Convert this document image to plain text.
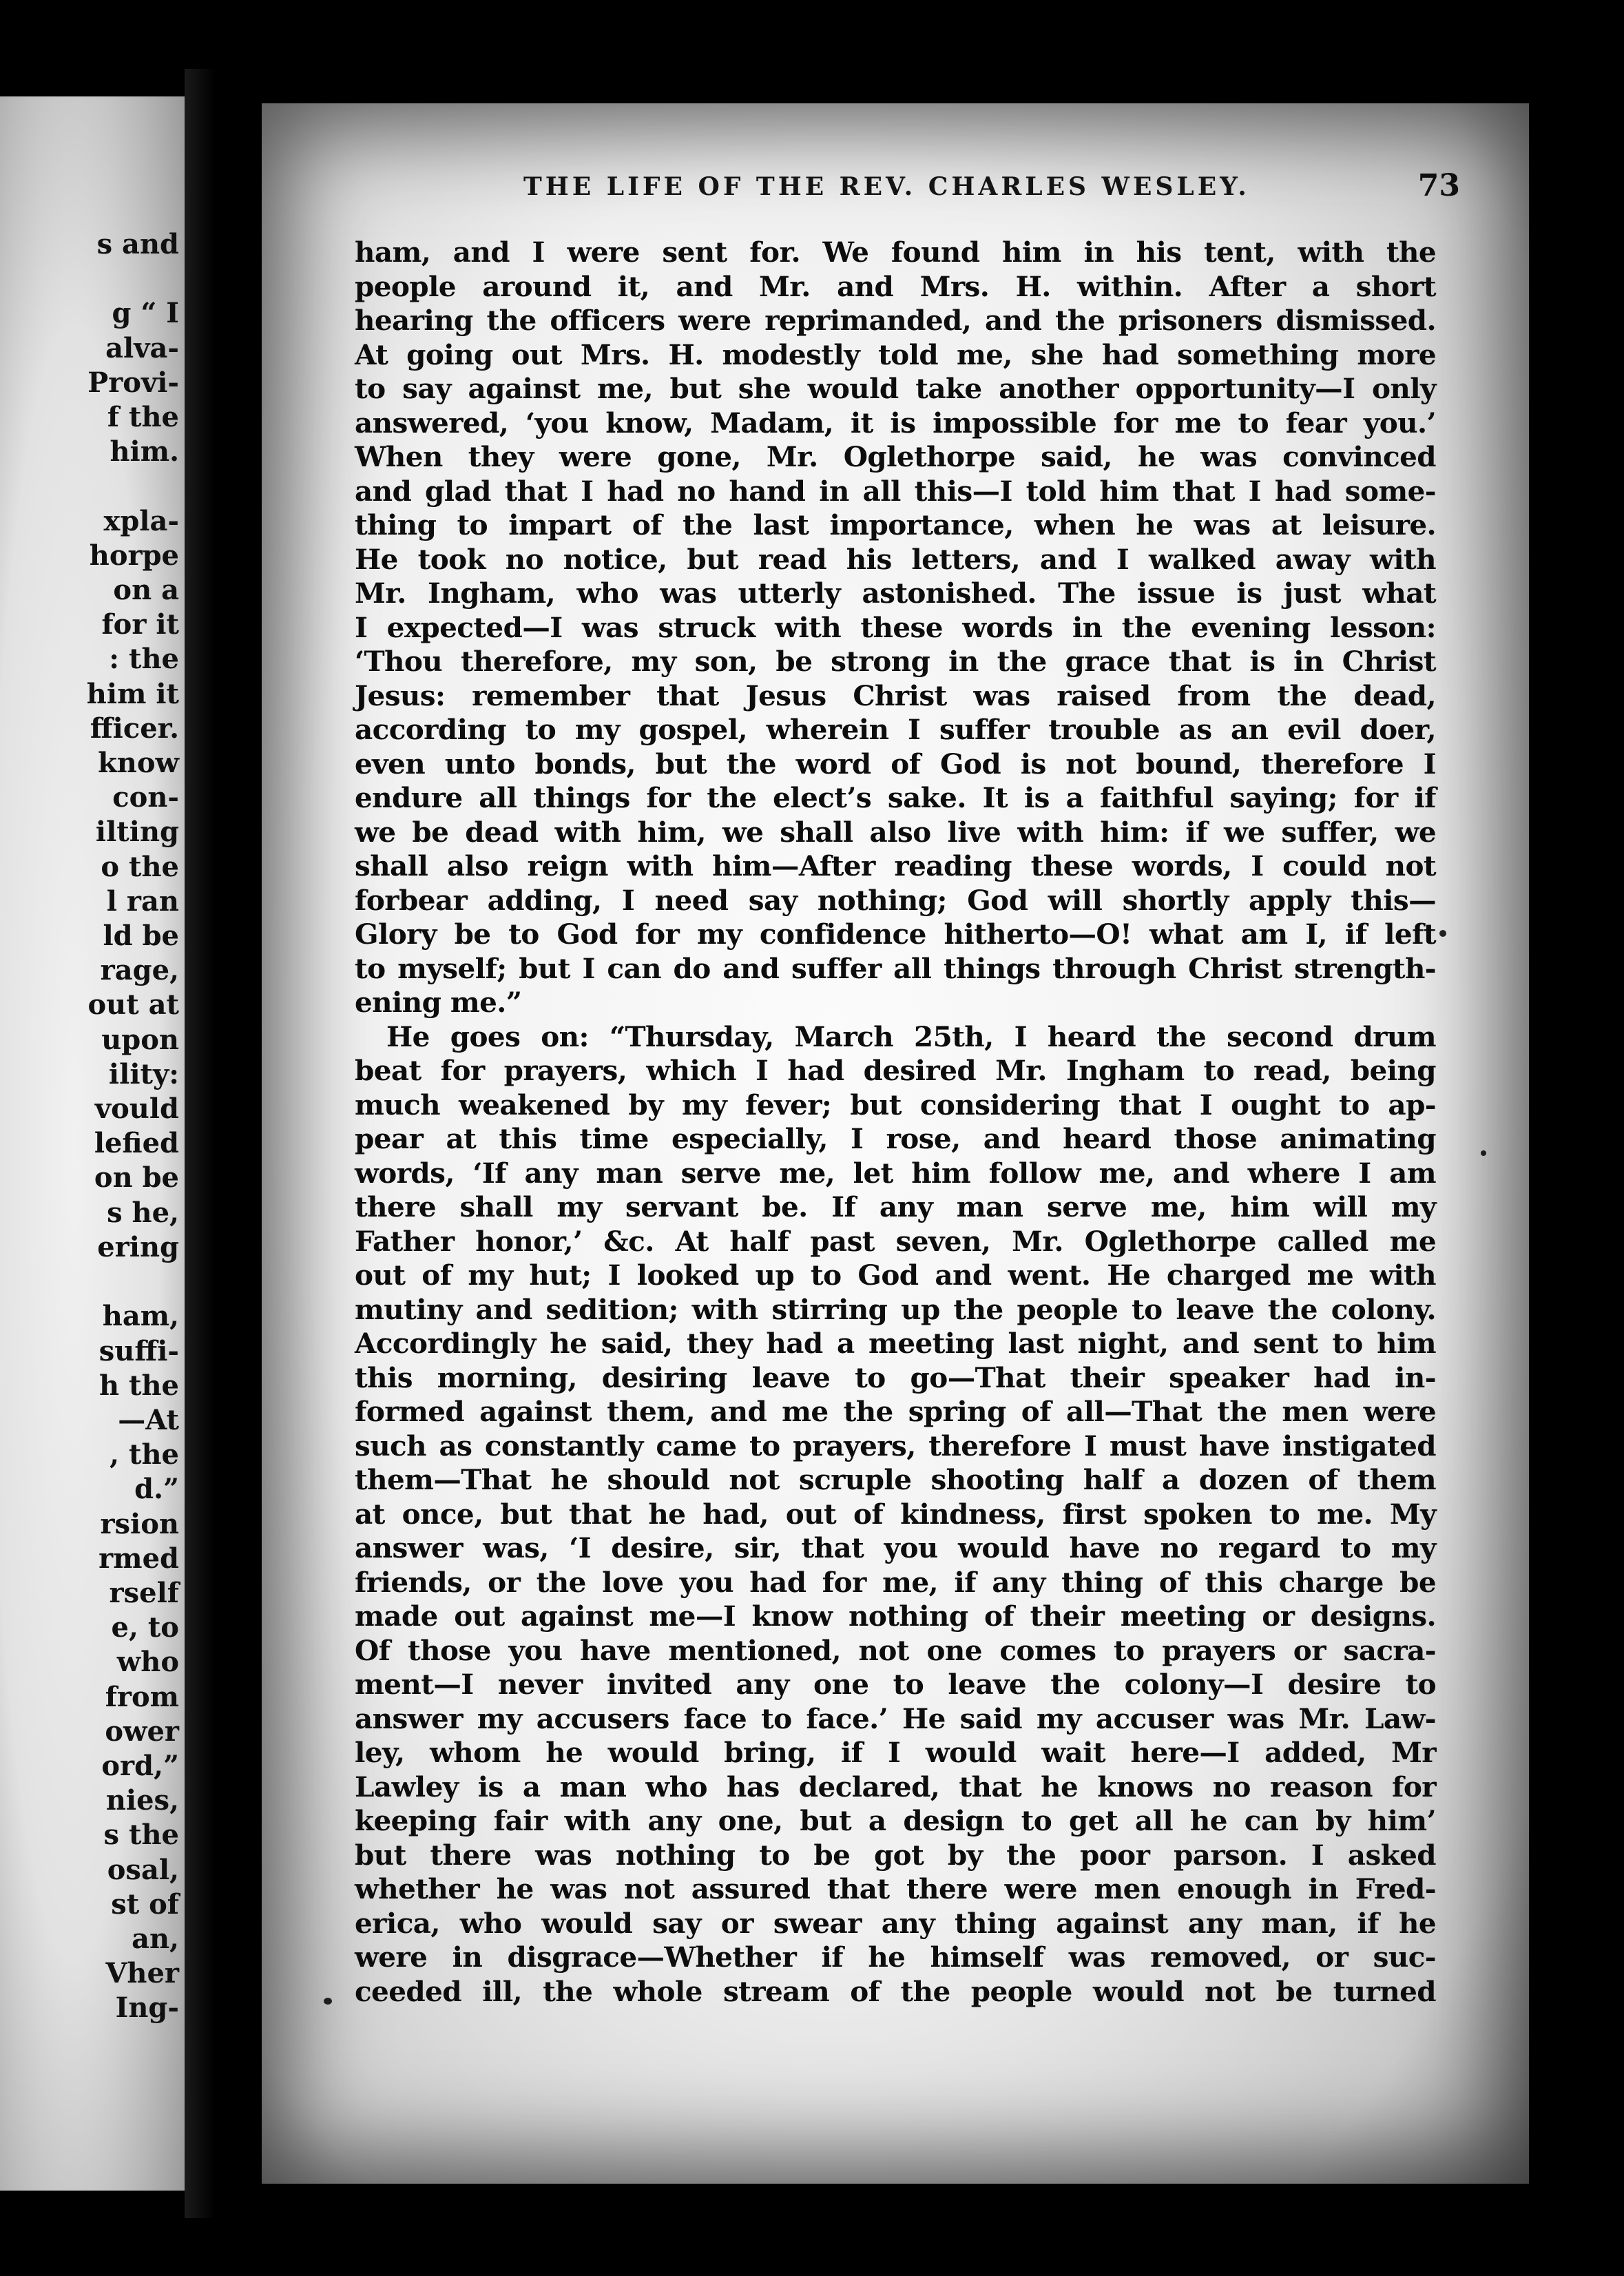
s and

g “ I
alva-
Provi-
f the
him.

xpla-
horpe
on a
for it
: the
him it
fficer.
know
con-
ilting
o the
l ran
ld be
rage,
out at
upon
ility:
vould
lefied
on be
s he,
ering

ham,
suffi-
h the
—At
, the
d.”
rsion
rmed
rself
e, to
who
from
ower
ord,”
nies,
s the
osal,
st of
an,
Vher
Ing-
THE LIFE OF THE REV. CHARLES WESLEY.	73
ham, and I were sent for. We found him in his tent, with the
people around it, and Mr. and Mrs. H. within. After a short
hearing the officers were reprimanded, and the prisoners dismissed.
At going out Mrs. H. modestly told me, she had something more
to say against me, but she would take another opportunity—I only
answered, ‘you know, Madam, it is impossible for me to fear you.’
When they were gone, Mr. Oglethorpe said, he was convinced
and glad that I had no hand in all this—I told him that I had some-
thing to impart of the last importance, when he was at leisure.
He took no notice, but read his letters, and I walked away with
Mr. Ingham, who was utterly astonished. The issue is just what
I expected—I was struck with these words in the evening lesson:
‘Thou therefore, my son, be strong in the grace that is in Christ
Jesus: remember that Jesus Christ was raised from the dead,
according to my gospel, wherein I suffer trouble as an evil doer,
even unto bonds, but the word of God is not bound, therefore I
endure all things for the elect’s sake. It is a faithful saying; for if
we be dead with him, we shall also live with him: if we suffer, we
shall also reign with him—After reading these words, I could not
forbear adding, I need say nothing; God will shortly apply this—
Glory be to God for my confidence hitherto—O! what am I, if left
to myself; but I can do and suffer all things through Christ strength-
ening me.”
He goes on: “Thursday, March 25th, I heard the second drum
beat for prayers, which I had desired Mr. Ingham to read, being
much weakened by my fever; but considering that I ought to ap-
pear at this time especially, I rose, and heard those animating
words, ‘If any man serve me, let him follow me, and where I am
there shall my servant be. If any man serve me, him will my
Father honor,’ &c. At half past seven, Mr. Oglethorpe called me
out of my hut; I looked up to God and went. He charged me with
mutiny and sedition; with stirring up the people to leave the colony.
Accordingly he said, they had a meeting last night, and sent to him
this morning, desiring leave to go—That their speaker had in-
formed against them, and me the spring of all—That the men were
such as constantly came to prayers, therefore I must have instigated
them—That he should not scruple shooting half a dozen of them
at once, but that he had, out of kindness, first spoken to me. My
answer was, ‘I desire, sir, that you would have no regard to my
friends, or the love you had for me, if any thing of this charge be
made out against me—I know nothing of their meeting or designs.
Of those you have mentioned, not one comes to prayers or sacra-
ment—I never invited any one to leave the colony—I desire to
answer my accusers face to face.’ He said my accuser was Mr. Law-
ley, whom he would bring, if I would wait here—I added, Mr
Lawley is a man who has declared, that he knows no reason for
keeping fair with any one, but a design to get all he can by him’
but there was nothing to be got by the poor parson. I asked
whether he was not assured that there were men enough in Fred-
erica, who would say or swear any thing against any man, if he
were in disgrace—Whether if he himself was removed, or suc-
ceeded ill, the whole stream of the people would not be turned
